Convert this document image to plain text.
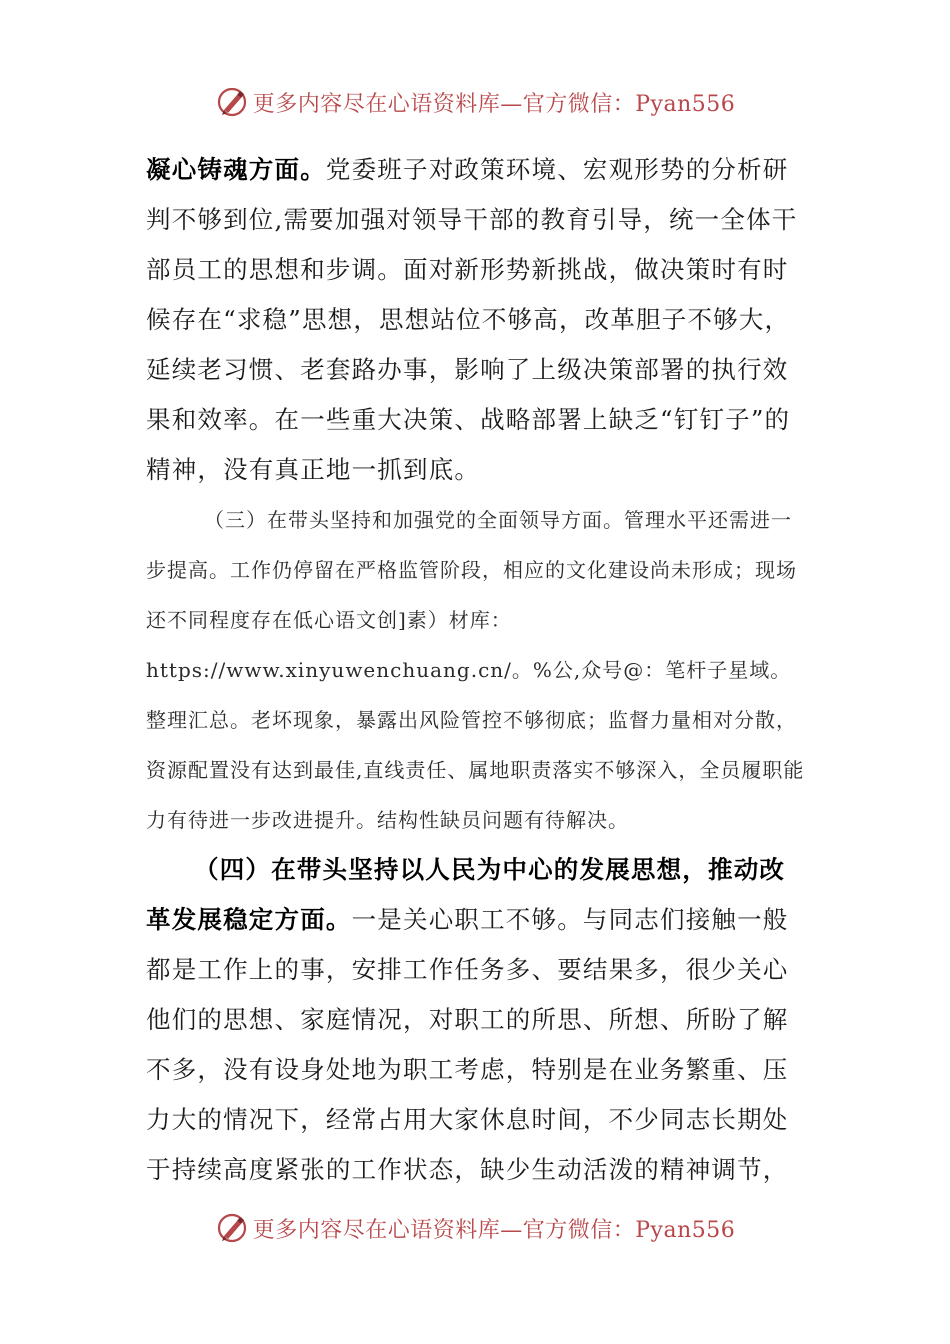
更多内容尽在心语资料库—官方微信：Pyan556

凝心铸魂方面。党委班子对政策环境、宏观形势的分析研判不够到位,需要加强对领导干部的教育引导，统一全体干部员工的思想和步调。面对新形势新挑战，做决策时有时候存在“求稳”思想，思想站位不够高，改革胆子不够大，延续老习惯、老套路办事，影响了上级决策部署的执行效果和效率。在一些重大决策、战略部署上缺乏“钉钉子”的精神，没有真正地一抓到底。

（三）在带头坚持和加强党的全面领导方面。管理水平还需进一步提高。工作仍停留在严格监管阶段，相应的文化建设尚未形成；现场还不同程度存在低心语文创]素）材库：https://www.xinyuwenchuang.cn/。%公,众号@：笔杆子星域。整理汇总。老坏现象，暴露出风险管控不够彻底；监督力量相对分散，资源配置没有达到最佳,直线责任、属地职责落实不够深入，全员履职能力有待进一步改进提升。结构性缺员问题有待解决。

（四）在带头坚持以人民为中心的发展思想，推动改革发展稳定方面。一是关心职工不够。与同志们接触一般都是工作上的事，安排工作任务多、要结果多，很少关心他们的思想、家庭情况，对职工的所思、所想、所盼了解不多，没有设身处地为职工考虑，特别是在业务繁重、压力大的情况下，经常占用大家休息时间，不少同志长期处于持续高度紧张的工作状态，缺少生动活泼的精神调节，

更多内容尽在心语资料库—官方微信：Pyan556
